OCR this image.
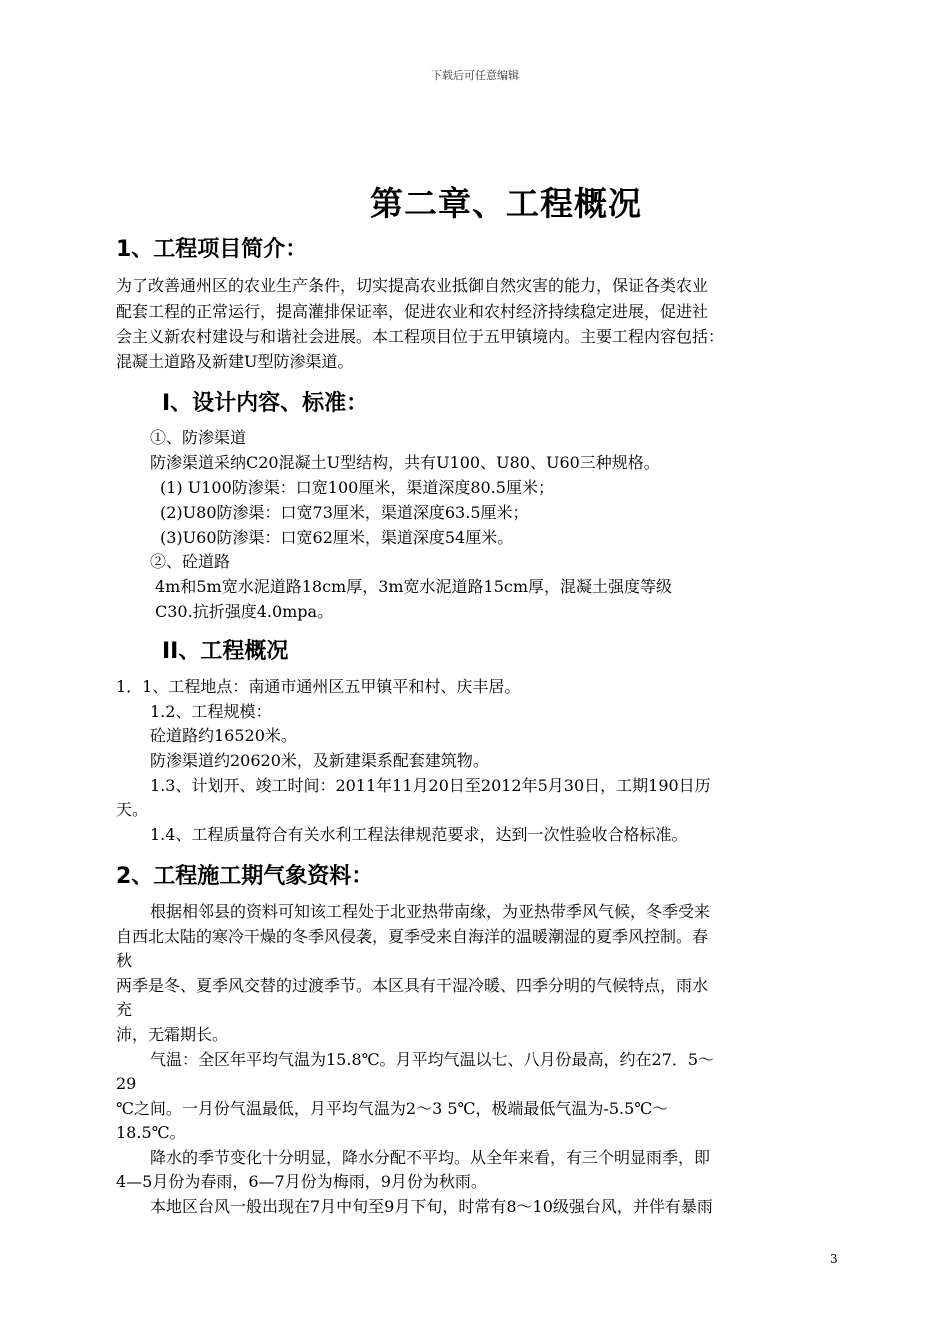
下载后可任意编辑
第二章、工程概况
1、工程项目简介：
为了改善通州区的农业生产条件，切实提高农业抵御自然灾害的能力，保证各类农业
配套工程的正常运行，提高灌排保证率，促进农业和农村经济持续稳定进展，促进社
会主义新农村建设与和谐社会进展。本工程项目位于五甲镇境内。主要工程内容包括：
混凝土道路及新建U型防渗渠道。
I、设计内容、标准：
①、防渗渠道
防渗渠道采纳C20混凝土U型结构，共有U100、U80、U60三种规格。
(1) U100防渗渠：口宽100厘米，渠道深度80.5厘米；
(2)U80防渗渠：口宽73厘米，渠道深度63.5厘米；
(3)U60防渗渠：口宽62厘米，渠道深度54厘米。
②、砼道路
4m和5m宽水泥道路18cm厚，3m宽水泥道路15cm厚，混凝土强度等级
C30.抗折强度4.0mpa。
II、工程概况
1．1、工程地点：南通市通州区五甲镇平和村、庆丰居。
1.2、工程规模：
砼道路约16520米。
防渗渠道约20620米，及新建渠系配套建筑物。
1.3、计划开、竣工时间：2011年11月20日至2012年5月30日，工期190日历
天。
1.4、工程质量符合有关水利工程法律规范要求，达到一次性验收合格标准。
2、工程施工期气象资料：
根据相邻县的资料可知该工程处于北亚热带南缘，为亚热带季风气候，冬季受来
自西北太陆的寒冷干燥的冬季风侵袭，夏季受来自海洋的温暖潮湿的夏季风控制。春
秋
两季是冬、夏季风交替的过渡季节。本区具有干湿冷暖、四季分明的气候特点，雨水
充
沛，无霜期长。
气温：全区年平均气温为15.8℃。月平均气温以七、八月份最高，约在27．5～
29
℃之间。一月份气温最低，月平均气温为2～3 5℃，极端最低气温为-5.5℃～
18.5℃。
降水的季节变化十分明显，降水分配不平均。从全年来看，有三个明显雨季，即
4—5月份为春雨，6—7月份为梅雨，9月份为秋雨。
本地区台风一般出现在7月中旬至9月下旬，时常有8～10级强台风，并伴有暴雨
3
